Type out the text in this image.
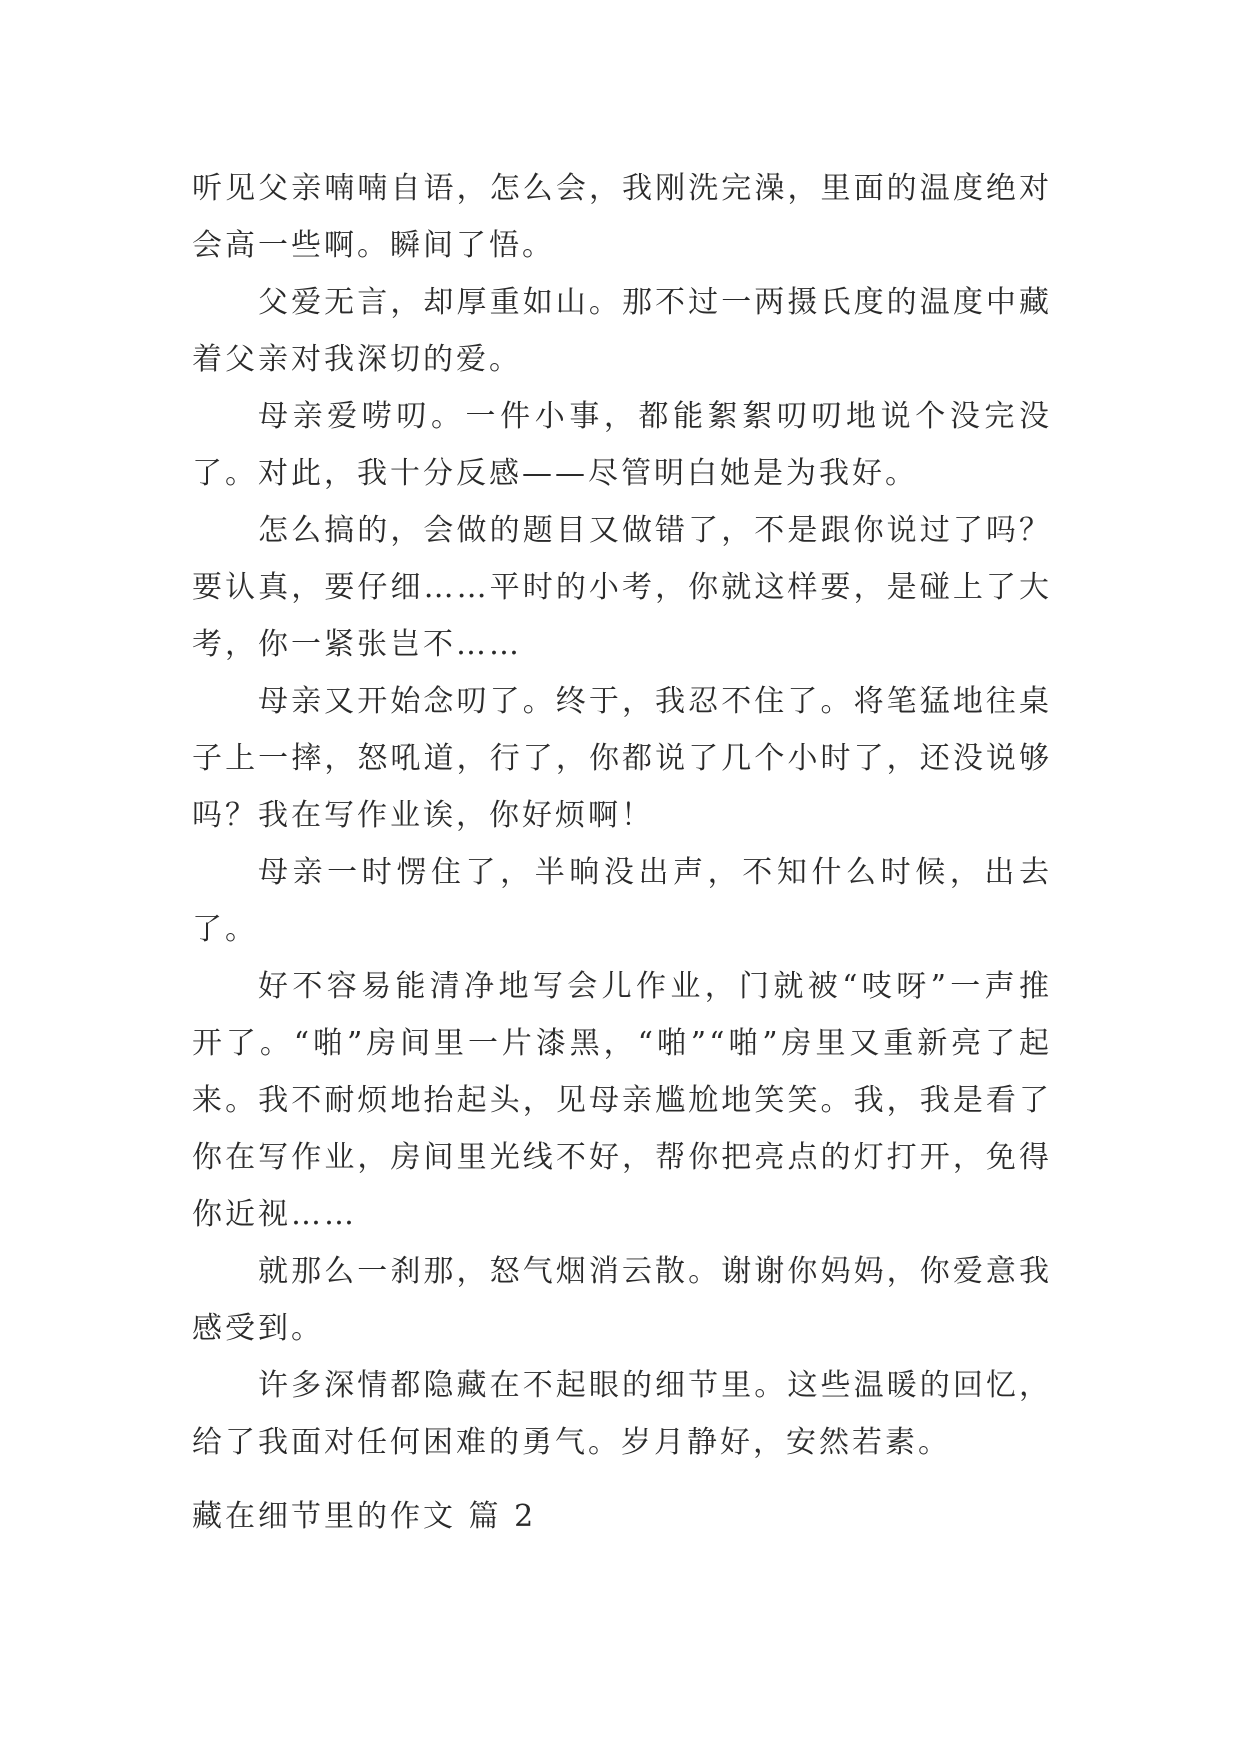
听见父亲喃喃自语，怎么会，我刚洗完澡，里面的温度绝对会高一些啊。瞬间了悟。

父爱无言，却厚重如山。那不过一两摄氏度的温度中藏着父亲对我深切的爱。

母亲爱唠叨。一件小事，都能絮絮叨叨地说个没完没了。对此，我十分反感——尽管明白她是为我好。

怎么搞的，会做的题目又做错了，不是跟你说过了吗？要认真，要仔细……平时的小考，你就这样要，是碰上了大考，你一紧张岂不……

母亲又开始念叨了。终于，我忍不住了。将笔猛地往桌子上一摔，怒吼道，行了，你都说了几个小时了，还没说够吗？我在写作业诶，你好烦啊！

母亲一时愣住了，半晌没出声，不知什么时候，出去了。

好不容易能清净地写会儿作业，门就被“吱呀”一声推开了。“啪”房间里一片漆黑，“啪”“啪”房里又重新亮了起来。我不耐烦地抬起头，见母亲尴尬地笑笑。我，我是看了你在写作业，房间里光线不好，帮你把亮点的灯打开，免得你近视……

就那么一刹那，怒气烟消云散。谢谢你妈妈，你爱意我感受到。

许多深情都隐藏在不起眼的细节里。这些温暖的回忆，给了我面对任何困难的勇气。岁月静好，安然若素。

藏在细节里的作文 篇 2
